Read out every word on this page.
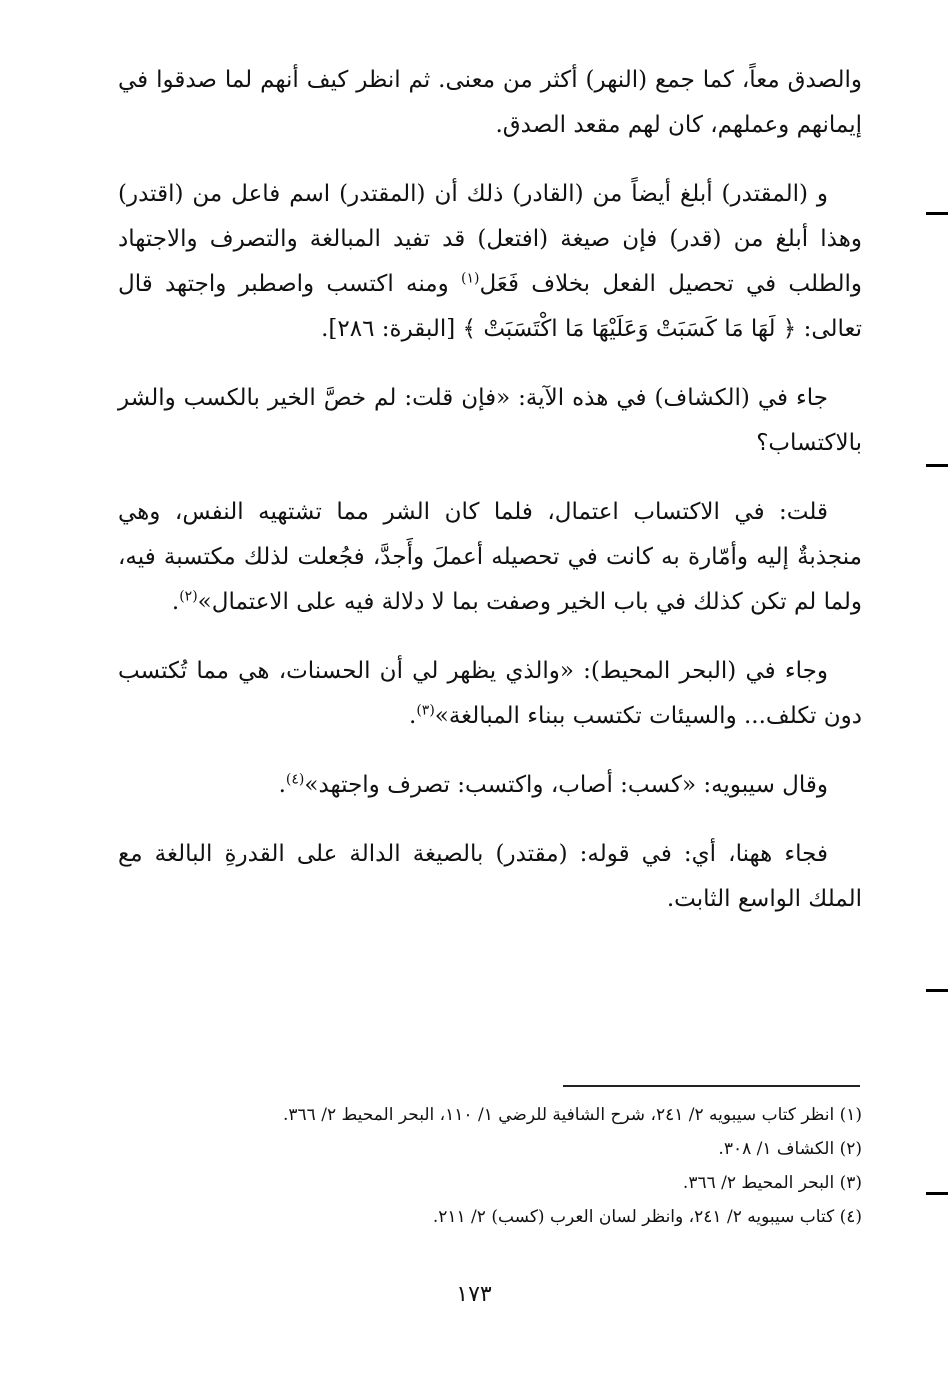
والصدق معاً، كما جمع (النهر) أكثر من معنى. ثم انظر كيف أنهم لما صدقوا في إيمانهم وعملهم، كان لهم مقعد الصدق.

و (المقتدر) أبلغ أيضاً من (القادر) ذلك أن (المقتدر) اسم فاعل من (اقتدر) وهذا أبلغ من (قدر) فإن صيغة (افتعل) قد تفيد المبالغة والتصرف والاجتهاد والطلب في تحصيل الفعل بخلاف فَعَل$^{(١)}$ ومنه اكتسب واصطبر واجتهد قال تعالى: ﴿ لَهَا مَا كَسَبَتْ وَعَلَيْهَا مَا اكْتَسَبَتْ ﴾ [البقرة: ٢٨٦].

جاء في (الكشاف) في هذه الآية: «فإن قلت: لم خصَّ الخير بالكسب والشر بالاكتساب؟

قلت: في الاكتساب اعتمال، فلما كان الشر مما تشتهيه النفس، وهي منجذبةٌ إليه وأمّارة به كانت في تحصيله أعملَ وأَجدَّ، فجُعلت لذلك مكتسبة فيه، ولما لم تكن كذلك في باب الخير وصفت بما لا دلالة فيه على الاعتمال»$^{(٢)}$.

وجاء في (البحر المحيط): «والذي يظهر لي أن الحسنات، هي مما تُكتسب دون تكلف... والسيئات تكتسب ببناء المبالغة»$^{(٣)}$.

وقال سيبويه: «كسب: أصاب، واكتسب: تصرف واجتهد»$^{(٤)}$.

فجاء ههنا، أي: في قوله: (مقتدر) بالصيغة الدالة على القدرةِ البالغة مع الملك الواسع الثابت.

(١) انظر كتاب سيبويه ٢/ ٢٤١، شرح الشافية للرضي ١/ ١١٠، البحر المحيط ٢/ ٣٦٦.

(٢) الكشاف ١/ ٣٠٨.

(٣) البحر المحيط ٢/ ٣٦٦.

(٤) كتاب سيبويه ٢/ ٢٤١، وانظر لسان العرب (كسب) ٢/ ٢١١.

١٧٣
